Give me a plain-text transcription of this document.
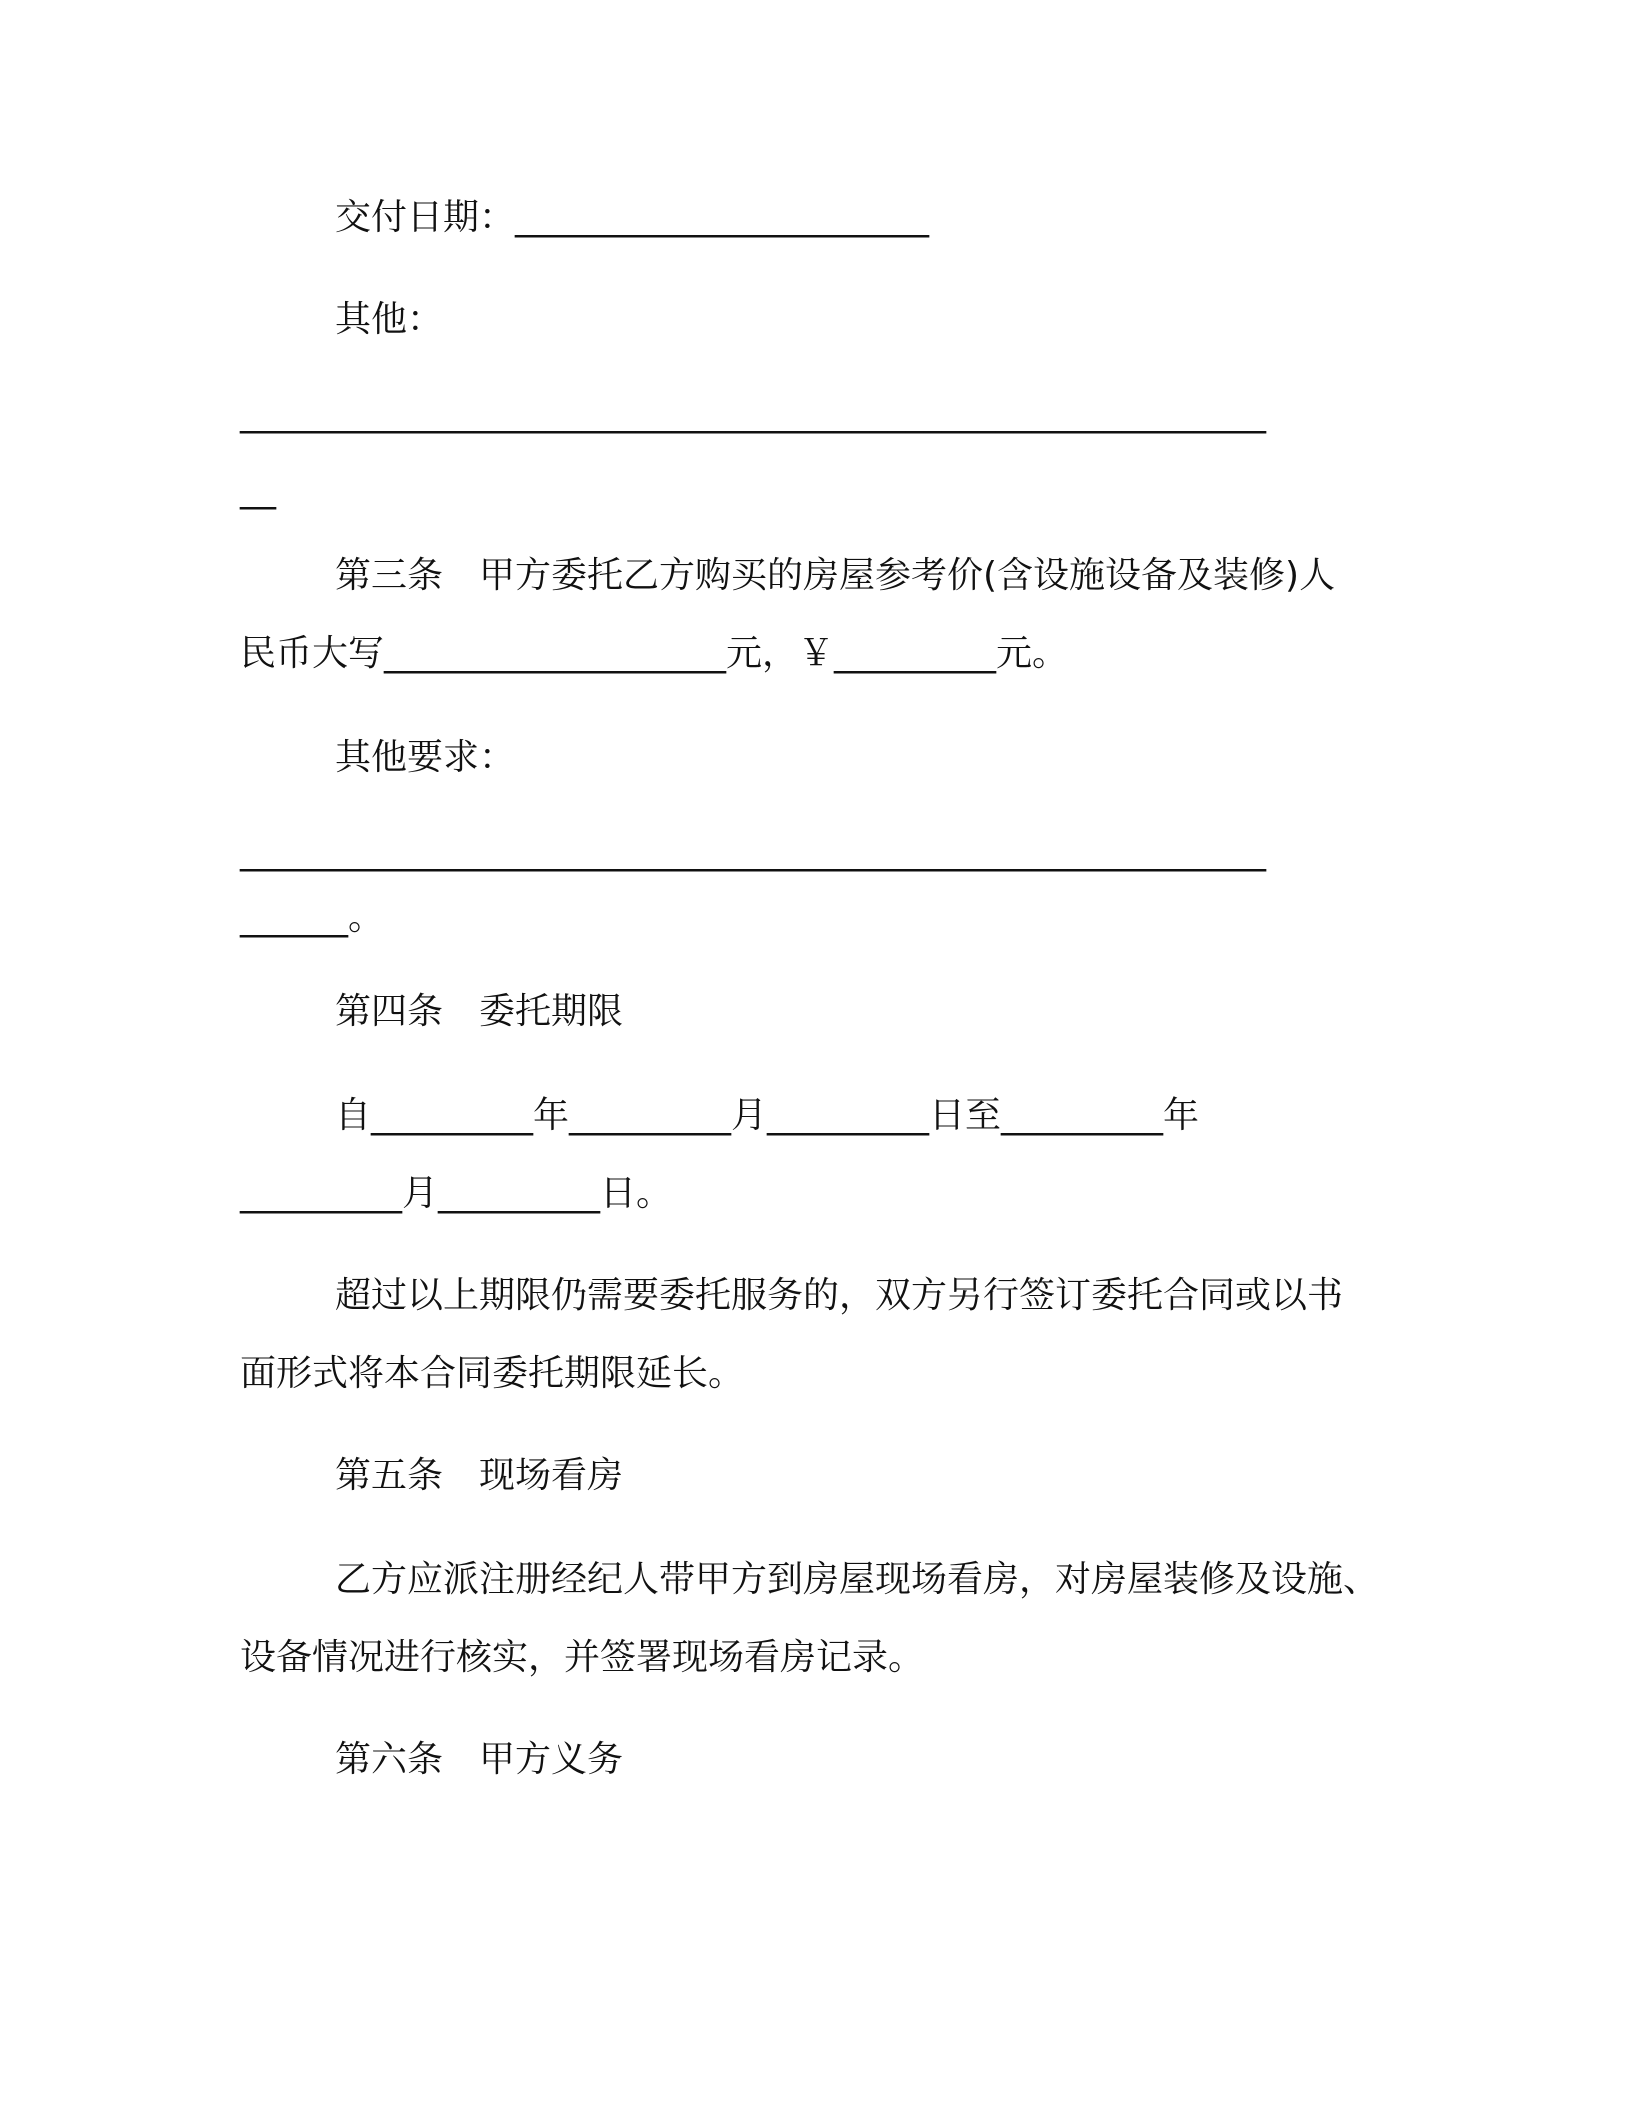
交付日期：_______________________
其他：
_________________________________________________________
__
第三条　甲方委托乙方购买的房屋参考价(含设施设备及装修)人
民币大写___________________元，￥_________元。
其他要求：
_________________________________________________________
______。
第四条　委托期限
自_________年_________月_________日至_________年
_________月_________日。
超过以上期限仍需要委托服务的，双方另行签订委托合同或以书
面形式将本合同委托期限延长。
第五条　现场看房
乙方应派注册经纪人带甲方到房屋现场看房，对房屋装修及设施、
设备情况进行核实，并签署现场看房记录。
第六条　甲方义务
